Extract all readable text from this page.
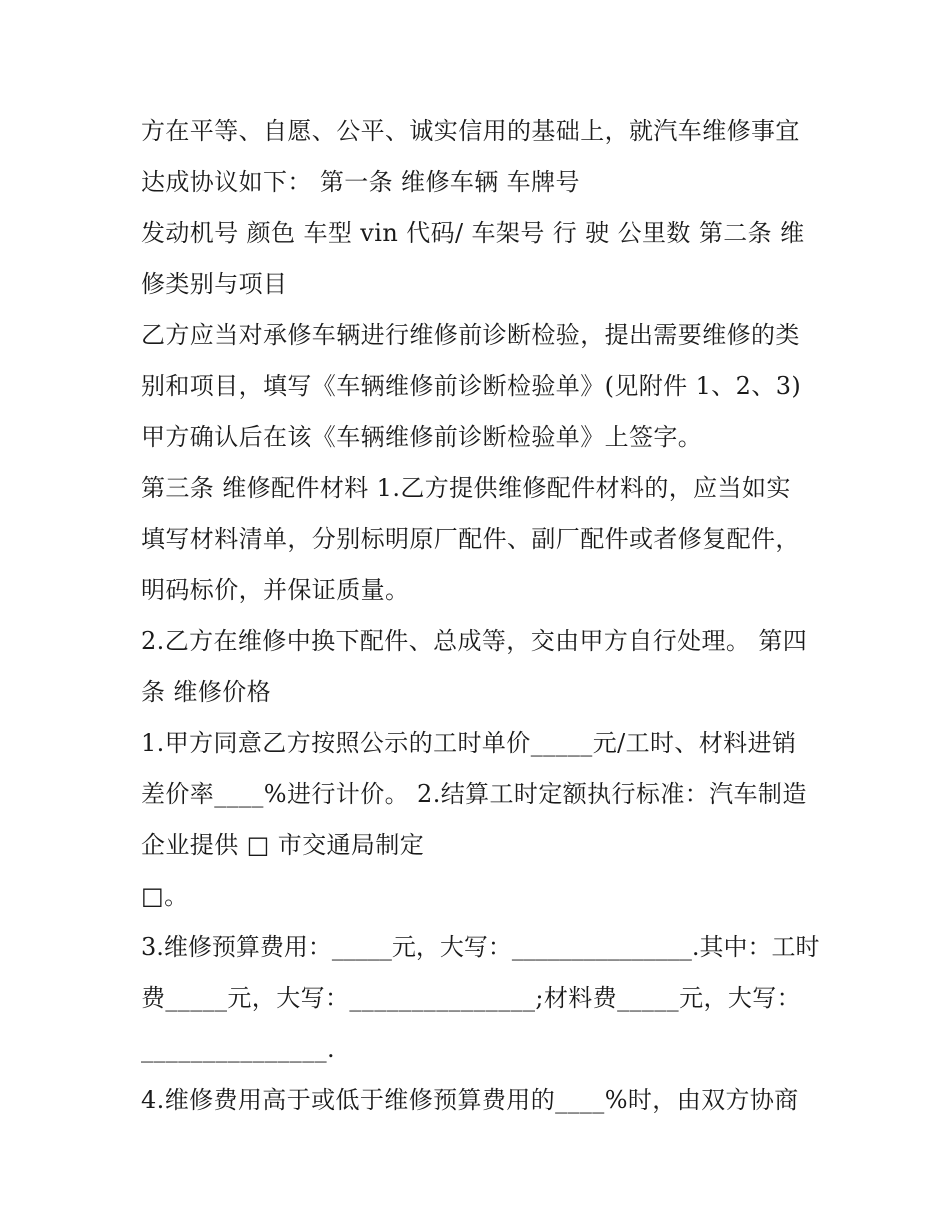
方在平等、自愿、公平、诚实信用的基础上，就汽车维修事宜
达成协议如下： 第一条 维修车辆 车牌号
发动机号 颜色 车型 vin 代码/ 车架号 行 驶 公里数 第二条 维
修类别与项目
乙方应当对承修车辆进行维修前诊断检验，提出需要维修的类
别和项目，填写《车辆维修前诊断检验单》(见附件 1、2、3)
甲方确认后在该《车辆维修前诊断检验单》上签字。
第三条 维修配件材料 1.乙方提供维修配件材料的，应当如实
填写材料清单，分别标明原厂配件、副厂配件或者修复配件，
明码标价，并保证质量。
2.乙方在维修中换下配件、总成等，交由甲方自行处理。 第四
条 维修价格
1.甲方同意乙方按照公示的工时单价_____元/工时、材料进销
差价率____%进行计价。 2.结算工时定额执行标准：汽车制造
企业提供 □ 市交通局制定
□。
3.维修预算费用：_____元，大写：_______________.其中：工时
费_____元，大写：_______________;材料费_____元，大写：
_______________.
4.维修费用高于或低于维修预算费用的____%时，由双方协商
